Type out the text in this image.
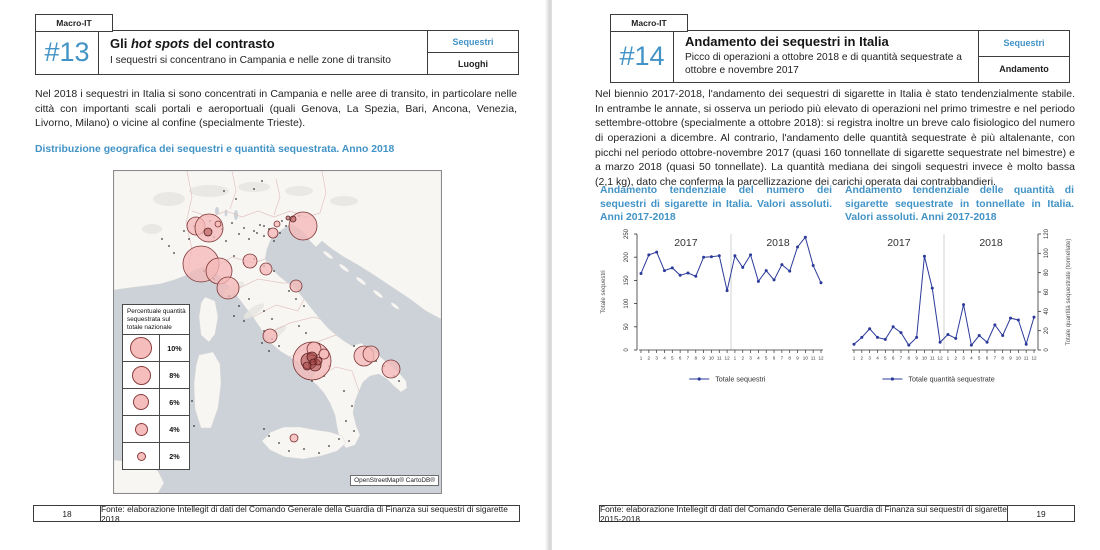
Macro-IT
#13	Gli hot spots del contrasto
I sequestri si concentrano in Campania e nelle zone di transito
Sequestri
Luoghi
Nel 2018 i sequestri in Italia si sono concentrati in Campania e nelle aree di transito, in particolare nelle città con importanti scali portali e aeroportuali (quali Genova, La Spezia, Bari, Ancona, Venezia, Livorno, Milano) o vicine al confine (specialmente Trieste).
Distribuzione geografica dei sequestri e quantità sequestrata. Anno 2018
Percentuale quantità sequestrata sul totale nazionale
10%
8%
6%
4%
2%
OpenStreetMap® CartoDB®
18	Fonte: elaborazione Intellegit di dati del Comando Generale della Guardia di Finanza sui sequestri di sigarette 2018
Macro-IT
#14	Andamento dei sequestri in Italia
Picco di operazioni a ottobre 2018 e di quantità sequestrate a ottobre e novembre 2017
Sequestri
Andamento
Nel biennio 2017-2018, l'andamento dei sequestri di sigarette in Italia è stato tendenzialmente stabile. In entrambe le annate, si osserva un periodo più elevato di operazioni nel primo trimestre e nel periodo settembre-ottobre (specialmente a ottobre 2018): si registra inoltre un breve calo fisiologico del numero di operazioni a dicembre. Al contrario, l'andamento delle quantità sequestrate è più altalenante, con picchi nel periodo ottobre-novembre 2017 (quasi 160 tonnellate di sigarette sequestrate nel bimestre) e a marzo 2018 (quasi 50 tonnellate). La quantità mediana dei singoli sequestri invece è molto bassa (2,1 kg), dato che conferma la parcellizzazione dei carichi operata dai contrabbandieri.
Andamento tendenziale del numero dei sequestri di sigarette in Italia. Valori assoluti. Anni 2017-2018
Andamento tendenziale delle quantità di sigarette sequestrate in tonnellate in Italia. Valori assoluti. Anni 2017-2018
0
50
100
150
200
250
1 2 3 4 5 6 7 8 9 10 11 12 1 2 3 4 5 6 7 8 9 10 11 12
2017	2018
Totale sequestri
Totale sequestri
0
20
40
60
80
100
120
1 2 3 4 5 6 7 8 9 10 11 12 1 2 3 4 5 6 7 8 9 10 11 12
2017	2018	Totale quantità sequestrate (tonnellate)
Totale quantità sequestrate
Fonte: elaborazione Intellegit di dati del Comando Generale della Guardia di Finanza sui sequestri di sigarette 2015-2018	19
